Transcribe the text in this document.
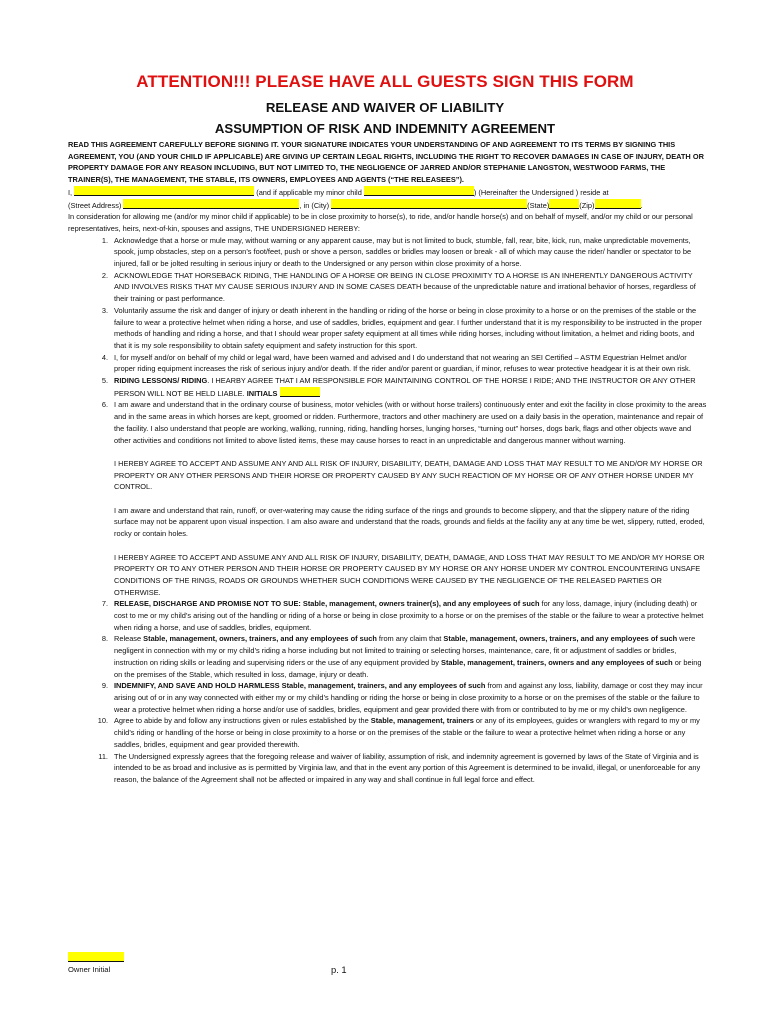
ATTENTION!!! PLEASE HAVE ALL GUESTS SIGN THIS FORM
RELEASE AND WAIVER OF LIABILITY
ASSUMPTION OF RISK AND INDEMNITY AGREEMENT

READ THIS AGREEMENT CAREFULLY BEFORE SIGNING IT. YOUR SIGNATURE INDICATES YOUR UNDERSTANDING OF AND AGREEMENT TO ITS TERMS BY SIGNING THIS AGREEMENT, YOU (AND YOUR CHILD IF APPLICABLE) ARE GIVING UP CERTAIN LEGAL RIGHTS, INCLUDING THE RIGHT TO RECOVER DAMAGES IN CASE OF INJURY, DEATH OR PROPERTY DAMAGE FOR ANY REASON INCLUDING, BUT NOT LIMITED TO, THE NEGLIGENCE OF JARRED AND/OR STEPHANIE LANGSTON, WESTWOOD FARMS, THE TRAINER(S), THE MANAGEMENT, THE STABLE, ITS OWNERS, EMPLOYEES AND AGENTS (“THE RELEASEES”).

I,	(and if applicable my minor child	) (Hereinafter the Undersigned ) reside at

(Street Address)	, in (City)	(State)	(Zip)	.

In consideration for allowing me (and/or my minor child if applicable) to be in close proximity to horse(s), to ride, and/or handle horse(s) and on behalf of myself, and/or my child or our personal representatives, heirs, next-of-kin, spouses and assigns, THE UNDERSIGNED HEREBY:

1. Acknowledge that a horse or mule may, without warning or any apparent cause, may but is not limited to buck, stumble, fall, rear, bite, kick, run, make unpredictable movements, spook, jump obstacles, step on a person’s foot/feet, push or shove a person, saddles or bridles may loosen or break - all of which may cause the rider/ handler or spectator to be injured, fall or be jolted resulting in serious injury or death to the Undersigned or any person within close proximity of a horse.
2. ACKNOWLEDGE THAT HORSEBACK RIDING, THE HANDLING OF A HORSE OR BEING IN CLOSE PROXIMITY TO A HORSE IS AN INHERENTLY DANGEROUS ACTIVITY AND INVOLVES RISKS THAT MY CAUSE SERIOUS INJURY AND IN SOME CASES DEATH because of the unpredictable nature and irrational behavior of horses, regardless of their training or past performance.
3. Voluntarily assume the risk and danger of injury or death inherent in the handling or riding of the horse or being in close proximity to a horse or on the premises of the stable or the failure to wear a protective helmet when riding a horse, and use of saddles, bridles, equipment and gear. I further understand that it is my responsibility to be instructed in the proper methods of handling and riding a horse, and that I should wear proper safety equipment at all times while riding horses, including without limitation, a helmet and riding boots, and that it is my sole responsibility to obtain safety equipment and safety instruction for this sport.
4. I, for myself and/or on behalf of my child or legal ward, have been warned and advised and I do understand that not wearing an SEI Certified – ASTM Equestrian Helmet and/or proper riding equipment increases the risk of serious injury and/or death. If the rider and/or parent or guardian, if minor, refuses to wear protective headgear it is at their own risk.
5. RIDING LESSONS/ RIDING. I HEARBY AGREE THAT I AM RESPONSIBLE FOR MAINTAINING CONTROL OF THE HORSE I RIDE; AND THE INSTRUCTOR OR ANY OTHER PERSON WILL NOT BE HELD LIABLE. INITIALS
6. I am aware and understand that in the ordinary course of business, motor vehicles (with or without horse trailers) continuously enter and exit the facility in close proximity to the areas and in the same areas in which horses are kept, groomed or ridden. Furthermore, tractors and other machinery are used on a daily basis in the operation, maintenance and repair of the facility. I also understand that people are working, walking, running, riding, handling horses, lunging horses, “turning out” horses, dogs bark, flags and other objects wave and other activities and conditions not limited to above listed items, these may cause horses to react in an unpredictable and dangerous manner without warning.

I HEREBY AGREE TO ACCEPT AND ASSUME ANY AND ALL RISK OF INJURY, DISABILITY, DEATH, DAMAGE AND LOSS THAT MAY RESULT TO ME AND/OR MY HORSE OR PROPERTY OR ANY OTHER PERSONS AND THEIR HORSE OR PROPERTY CAUSED BY ANY SUCH REACTION OF MY HORSE OR OF ANY OTHER HORSE UNDER MY CONTROL.

I am aware and understand that rain, runoff, or over-watering may cause the riding surface of the rings and grounds to become slippery, and that the slippery nature of the riding surface may not be apparent upon visual inspection. I am also aware and understand that the roads, grounds and fields at the facility any at any time be wet, slippery, rutted, eroded, rocky or contain holes.

I HEREBY AGREE TO ACCEPT AND ASSUME ANY AND ALL RISK OF INJURY, DISABILITY, DEATH, DAMAGE, AND LOSS THAT MAY RESULT TO ME AND/OR MY HORSE OR PROPERTY OR TO ANY OTHER PERSON AND THEIR HORSE OR PROPERTY CAUSED BY MY HORSE OR ANY HORSE UNDER MY CONTROL ENCOUNTERING UNSAFE CONDITIONS OF THE RINGS, ROADS OR GROUNDS WHETHER SUCH CONDITIONS WERE CAUSED BY THE NEGLIGENCE OF THE RELEASED PARTIES OR OTHERWISE.

7. RELEASE, DISCHARGE AND PROMISE NOT TO SUE: Stable, management, owners trainer(s), and any employees of such for any loss, damage, injury (including death) or cost to me or my child’s arising out of the handling or riding of a horse or being in close proximity to a horse or on the premises of the stable or the failure to wear a protective helmet when riding a horse, and use of saddles, bridles, equipment.
8. Release Stable, management, owners, trainers, and any employees of such from any claim that Stable, management, owners, trainers, and any employees of such were negligent in connection with my or my child’s riding a horse including but not limited to training or selecting horses, maintenance, care, fit or adjustment of saddles or bridles, instruction on riding skills or leading and supervising riders or the use of any equipment provided by Stable, management, trainers, owners and any employees of such or being on the premises of the Stable, which resulted in loss, damage, injury or death.
9. INDEMNIFY, AND SAVE AND HOLD HARMLESS Stable, management, trainers, and any employees of such from and against any loss, liability, damage or cost they may incur arising out of or in any way connected with either my or my child’s handling or riding the horse or being in close proximity to a horse or on the premises of the stable or the failure to wear a protective helmet when riding a horse and/or use of saddles, bridles, equipment and gear provided there with from or contributed to by me or my child’s own negligence.
10. Agree to abide by and follow any instructions given or rules established by the Stable, management, trainers or any of its employees, guides or wranglers with regard to my or my child’s riding or handling of the horse or being in close proximity to a horse or on the premises of the stable or the failure to wear a protective helmet when riding a horse or any saddles, bridles, equipment and gear provided therewith.
11. The Undersigned expressly agrees that the foregoing release and waiver of liability, assumption of risk, and indemnity agreement is governed by laws of the State of Virginia and is intended to be as broad and inclusive as is permitted by Virginia law, and that in the event any portion of this Agreement is determined to be invalid, illegal, or unenforceable for any reason, the balance of the Agreement shall not be affected or impaired in any way and shall continue in full legal force and effect.
Owner Initial	p. 1
